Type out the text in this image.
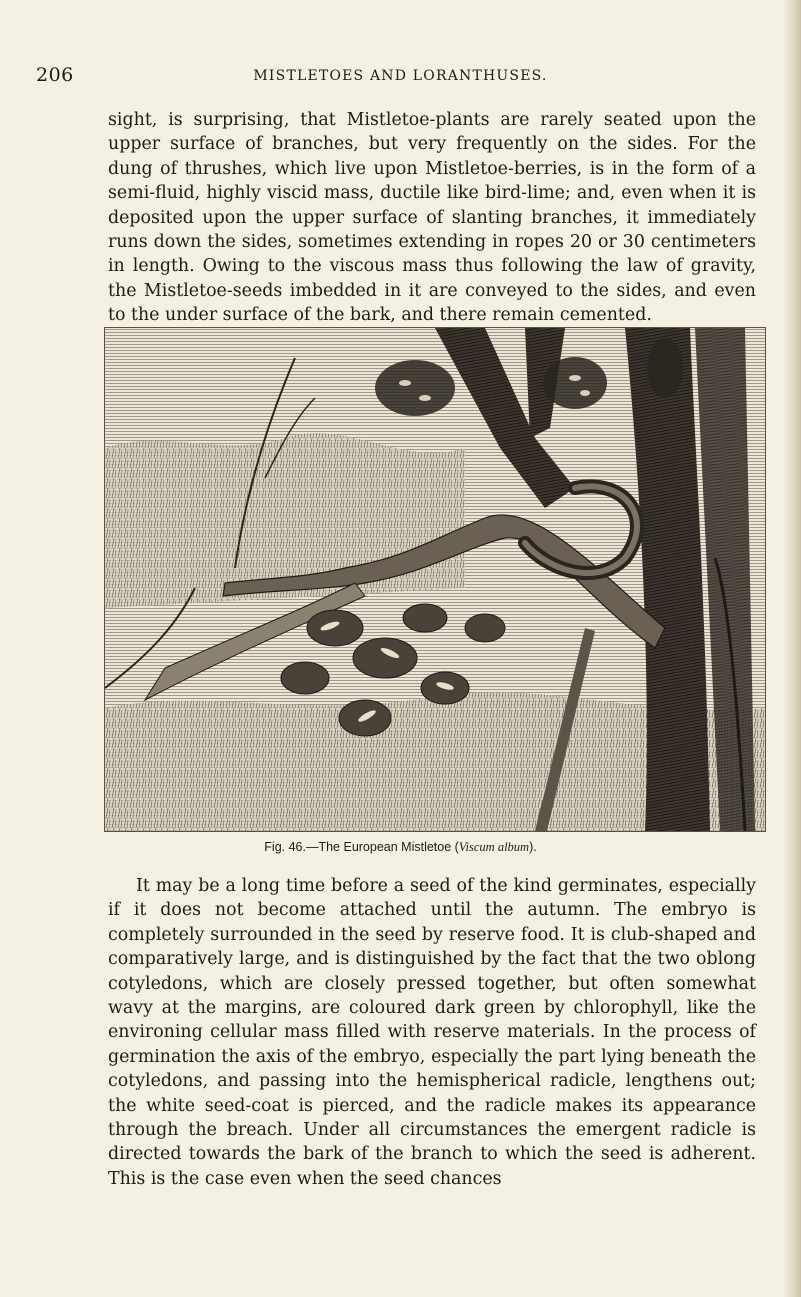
206	MISTLETOES AND LORANTHUSES.

sight, is surprising, that Mistletoe-plants are rarely seated upon the upper surface of branches, but very frequently on the sides. For the dung of thrushes, which live upon Mistletoe-berries, is in the form of a semi-fluid, highly viscid mass, ductile like bird-lime; and, even when it is deposited upon the upper surface of slanting branches, it immediately runs down the sides, sometimes extending in ropes 20 or 30 centimeters in length. Owing to the viscous mass thus following the law of gravity, the Mistletoe-seeds imbedded in it are conveyed to the sides, and even to the under surface of the bark, and there remain cemented.

Fig. 46.—The European Mistletoe (Viscum album).

It may be a long time before a seed of the kind germinates, especially if it does not become attached until the autumn. The embryo is completely surrounded in the seed by reserve food. It is club-shaped and comparatively large, and is distinguished by the fact that the two oblong cotyledons, which are closely pressed together, but often somewhat wavy at the margins, are coloured dark green by chlorophyll, like the environing cellular mass filled with reserve materials. In the process of germination the axis of the embryo, especially the part lying beneath the cotyledons, and passing into the hemispherical radicle, lengthens out; the white seed-coat is pierced, and the radicle makes its appearance through the breach. Under all circumstances the emergent radicle is directed towards the bark of the branch to which the seed is adherent. This is the case even when the seed chances
